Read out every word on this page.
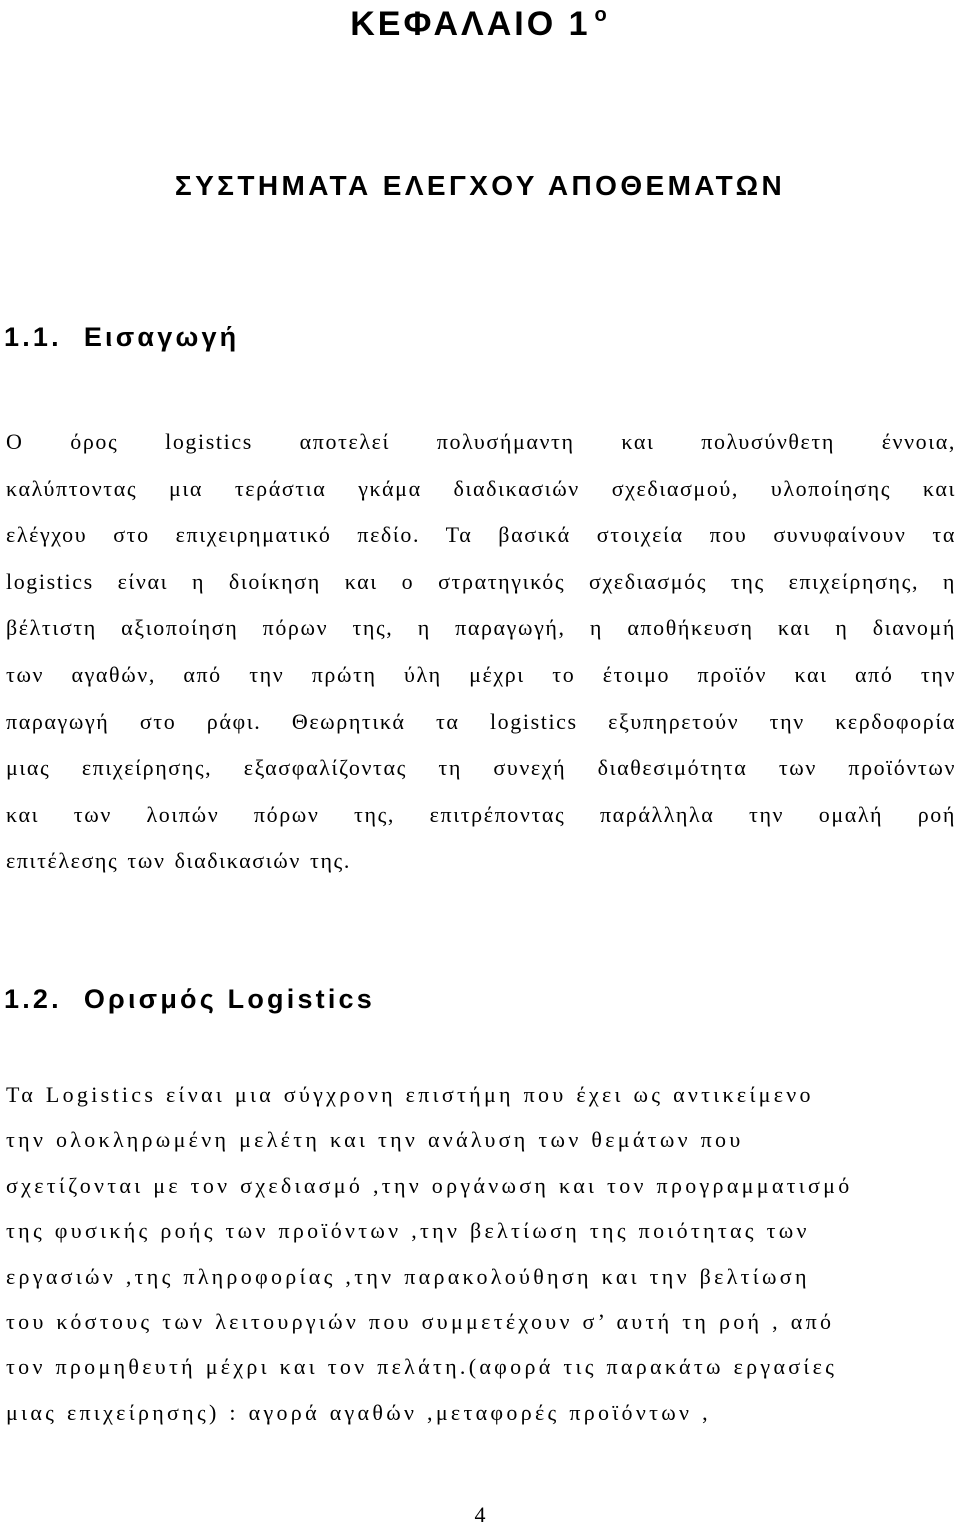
ΚΕΦΑΛΑΙΟ 1 $^o$
ΣΥΣΤΗΜΑΤΑ ΕΛΕΓΧΟΥ ΑΠΟΘΕΜΑΤΩΝ
1.1. Εισαγωγή
Ο όρος logistics αποτελεί πολυσήμαντη και πολυσύνθετη έννοια,
καλύπτοντας μια τεράστια γκάμα διαδικασιών σχεδιασμού, υλοποίησης και
ελέγχου στο επιχειρηματικό πεδίο. Τα βασικά στοιχεία που συνυφαίνουν τα
logistics είναι η διοίκηση και ο στρατηγικός σχεδιασμός της επιχείρησης, η
βέλτιστη αξιοποίηση πόρων της, η παραγωγή, η αποθήκευση και η διανομή
των αγαθών, από την πρώτη ύλη μέχρι το έτοιμο προϊόν και από την
παραγωγή στο ράφι. Θεωρητικά τα logistics εξυπηρετούν την κερδοφορία
μιας επιχείρησης, εξασφαλίζοντας τη συνεχή διαθεσιμότητα των προϊόντων
και των λοιπών πόρων της, επιτρέποντας παράλληλα την ομαλή ροή
επιτέλεσης των διαδικασιών της.
1.2. Ορισμός Logistics
Τα Logistics είναι μια σύγχρονη επιστήμη που έχει ως αντικείμενο
την ολοκληρωμένη μελέτη και την ανάλυση των θεμάτων που
σχετίζονται με τον σχεδιασμό ,την οργάνωση και τον προγραμματισμό
της φυσικής ροής των προϊόντων ,την βελτίωση της ποιότητας των
εργασιών ,της πληροφορίας ,την παρακολούθηση και την βελτίωση
του κόστους των λειτουργιών που συμμετέχουν σ’ αυτή τη ροή , από
τον προμηθευτή μέχρι και τον πελάτη.(αφορά τις παρακάτω εργασίες
μιας επιχείρησης) : αγορά αγαθών ,μεταφορές προϊόντων ,
4
